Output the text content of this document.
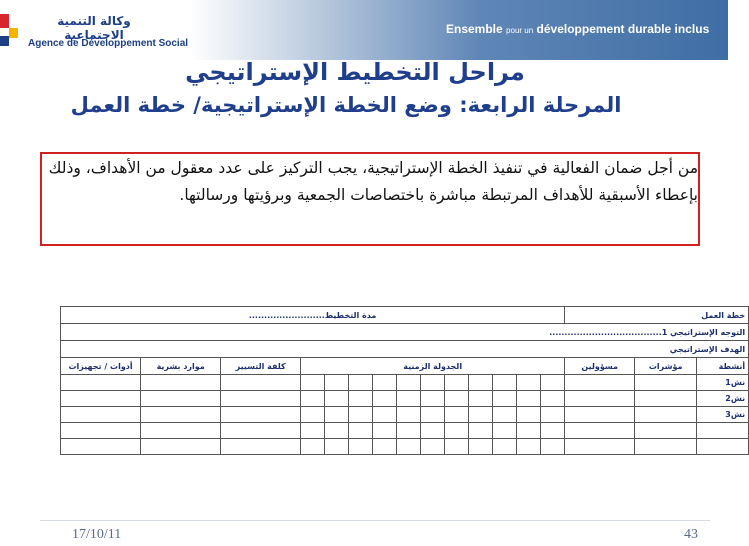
وكالة التنمية الاجتماعية
Agence de Développement Social
Ensemble pour un développement durable inclus
مراحل التخطيط الإستراتيجي
المرحلة الرابعة: وضع الخطة الإستراتيجية/ خطة العمل
من أجل ضمان الفعالية في تنفيذ الخطة الإستراتيجية، يجب التركيز على عدد معقول من الأهداف، وذلك بإعطاء الأسبقية للأهداف المرتبطة مباشرة باختصاصات الجمعية وبرؤيتها ورسالتها.
خطة العمل			مدة التخطيط.........................													
التوجه الإستراتيجي 1.....................................																
الهدف الإستراتيجي																
أنشطة	مؤشرات	مسؤولين	الجدولة الزمنية											كلفة التسيير	موارد بشرية	أدوات / تجهيزات
نش1																
نش2																
نش3																

17/10/11	43
